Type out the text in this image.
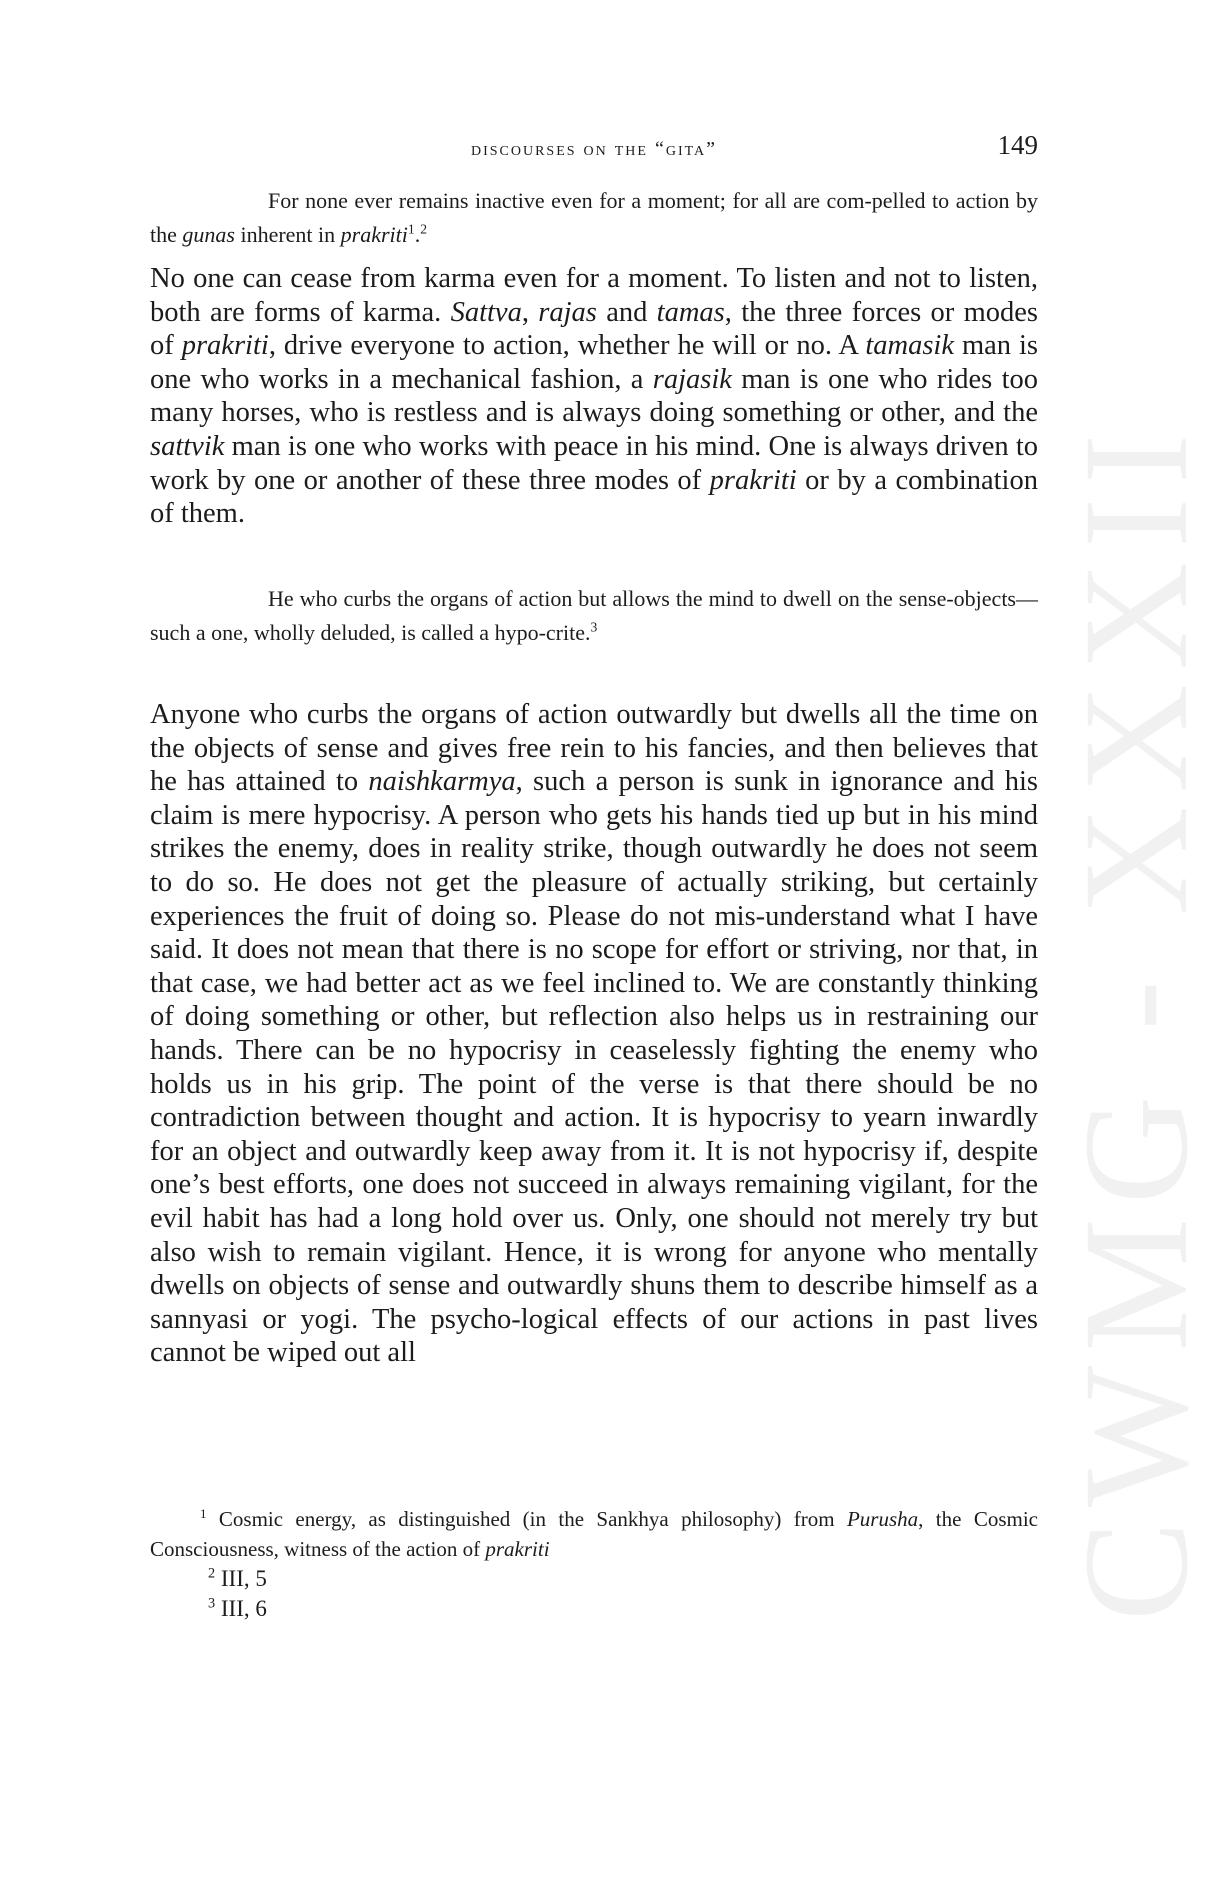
CWMG - XXXII
discourses on the “gita”	149
For none ever remains inactive even for a moment; for all are com-pelled to action by the gunas inherent in prakriti$^1$.$^2$

No one can cease from karma even for a moment. To listen and not to listen, both are forms of karma. Sattva, rajas and tamas, the three forces or modes of prakriti, drive everyone to action, whether he will or no. A tamasik man is one who works in a mechanical fashion, a rajasik man is one who rides too many horses, who is restless and is always doing something or other, and the sattvik man is one who works with peace in his mind. One is always driven to work by one or another of these three modes of prakriti or by a combination of them.

He who curbs the organs of action but allows the mind to dwell on the sense-objects—such a one, wholly deluded, is called a hypo-crite.$^3$

Anyone who curbs the organs of action outwardly but dwells all the time on the objects of sense and gives free rein to his fancies, and then believes that he has attained to naishkarmya, such a person is sunk in ignorance and his claim is mere hypocrisy. A person who gets his hands tied up but in his mind strikes the enemy, does in reality strike, though outwardly he does not seem to do so. He does not get the pleasure of actually striking, but certainly experiences the fruit of doing so. Please do not mis-understand what I have said. It does not mean that there is no scope for effort or striving, nor that, in that case, we had better act as we feel inclined to. We are constantly thinking of doing something or other, but reflection also helps us in restraining our hands. There can be no hypocrisy in ceaselessly fighting the enemy who holds us in his grip. The point of the verse is that there should be no contradiction between thought and action. It is hypocrisy to yearn inwardly for an object and outwardly keep away from it. It is not hypocrisy if, despite one’s best efforts, one does not succeed in always remaining vigilant, for the evil habit has had a long hold over us. Only, one should not merely try but also wish to remain vigilant. Hence, it is wrong for anyone who mentally dwells on objects of sense and outwardly shuns them to describe himself as a sannyasi or yogi. The psycho-logical effects of our actions in past lives cannot be wiped out all

$^1$ Cosmic energy, as distinguished (in the Sankhya philosophy) from Purusha, the Cosmic Consciousness, witness of the action of prakriti

$^2$ III, 5

$^3$ III, 6
